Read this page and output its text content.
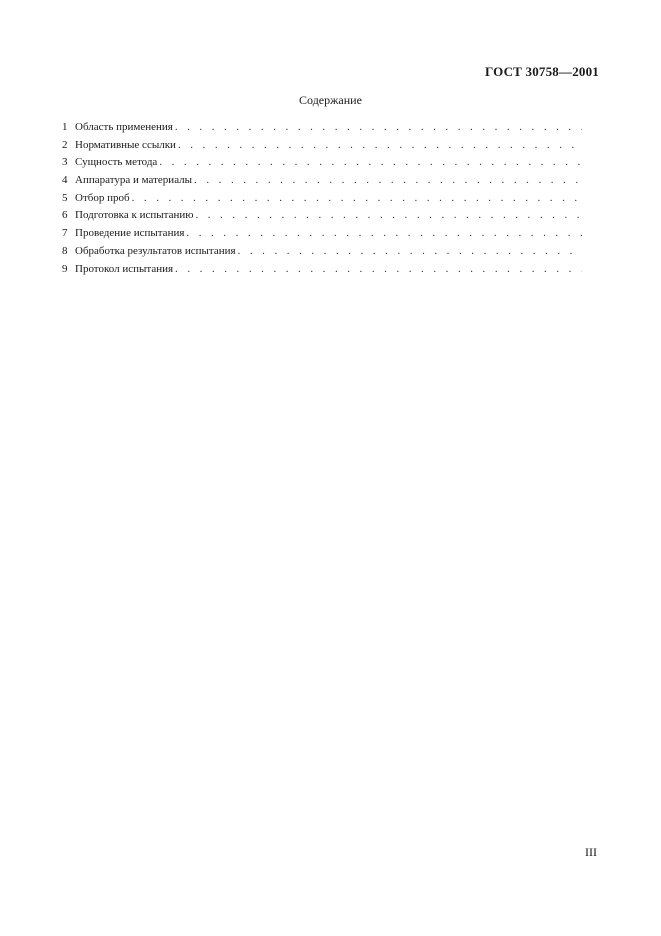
ГОСТ 30758—2001
Содержание
1 Область применения
. . .
2 Нормативные ссылки
. . .
3 Сущность метода
. . .
4 Аппаратура и материалы
. . .
5 Отбор проб
. . .
6 Подготовка к испытанию
. . .
7 Проведение испытания
. . .
8 Обработка результатов испытания
. . .
9 Протокол испытания
. . .
III
